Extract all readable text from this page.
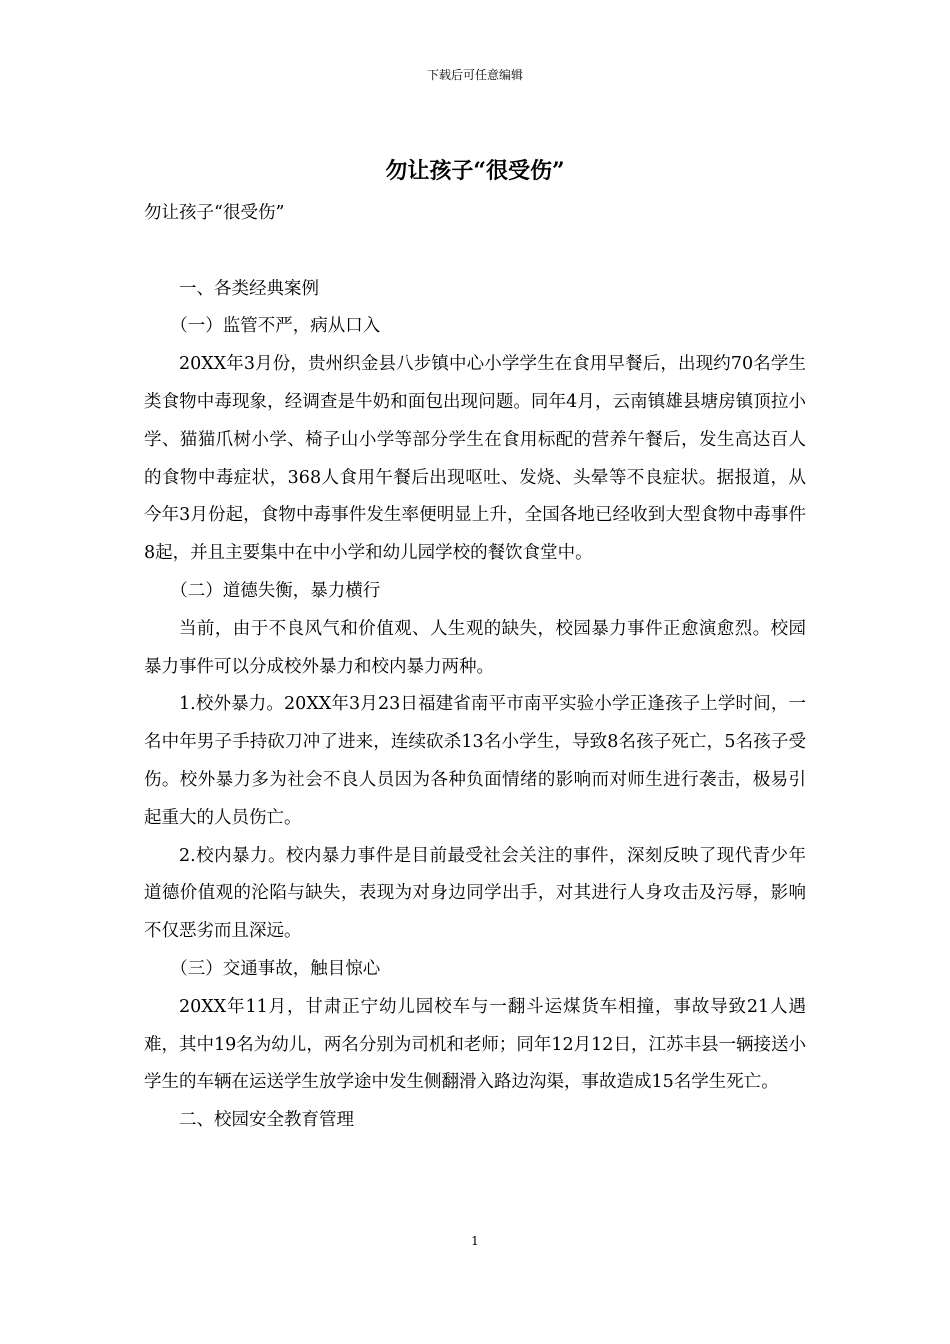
下载后可任意编辑
勿让孩子“很受伤”

勿让孩子“很受伤”

一、各类经典案例

（一）监管不严，病从口入

20XX年3月份，贵州织金县八步镇中心小学学生在食用早餐后，出现约70名学生类食物中毒现象，经调查是牛奶和面包出现问题。同年4月，云南镇雄县塘房镇顶拉小学、猫猫爪树小学、椅子山小学等部分学生在食用标配的营养午餐后，发生高达百人的食物中毒症状，368人食用午餐后出现呕吐、发烧、头晕等不良症状。据报道，从今年3月份起，食物中毒事件发生率便明显上升，全国各地已经收到大型食物中毒事件8起，并且主要集中在中小学和幼儿园学校的餐饮食堂中。

（二）道德失衡，暴力横行

当前，由于不良风气和价值观、人生观的缺失，校园暴力事件正愈演愈烈。校园暴力事件可以分成校外暴力和校内暴力两种。

1.校外暴力。20XX年3月23日福建省南平市南平实验小学正逢孩子上学时间，一名中年男子手持砍刀冲了进来，连续砍杀13名小学生，导致8名孩子死亡，5名孩子受伤。校外暴力多为社会不良人员因为各种负面情绪的影响而对师生进行袭击，极易引起重大的人员伤亡。

2.校内暴力。校内暴力事件是目前最受社会关注的事件，深刻反映了现代青少年道德价值观的沦陷与缺失，表现为对身边同学出手，对其进行人身攻击及污辱，影响不仅恶劣而且深远。

（三）交通事故，触目惊心

20XX年11月，甘肃正宁幼儿园校车与一翻斗运煤货车相撞，事故导致21人遇难，其中19名为幼儿，两名分别为司机和老师；同年12月12日，江苏丰县一辆接送小学生的车辆在运送学生放学途中发生侧翻滑入路边沟渠，事故造成15名学生死亡。

二、校园安全教育管理

1
